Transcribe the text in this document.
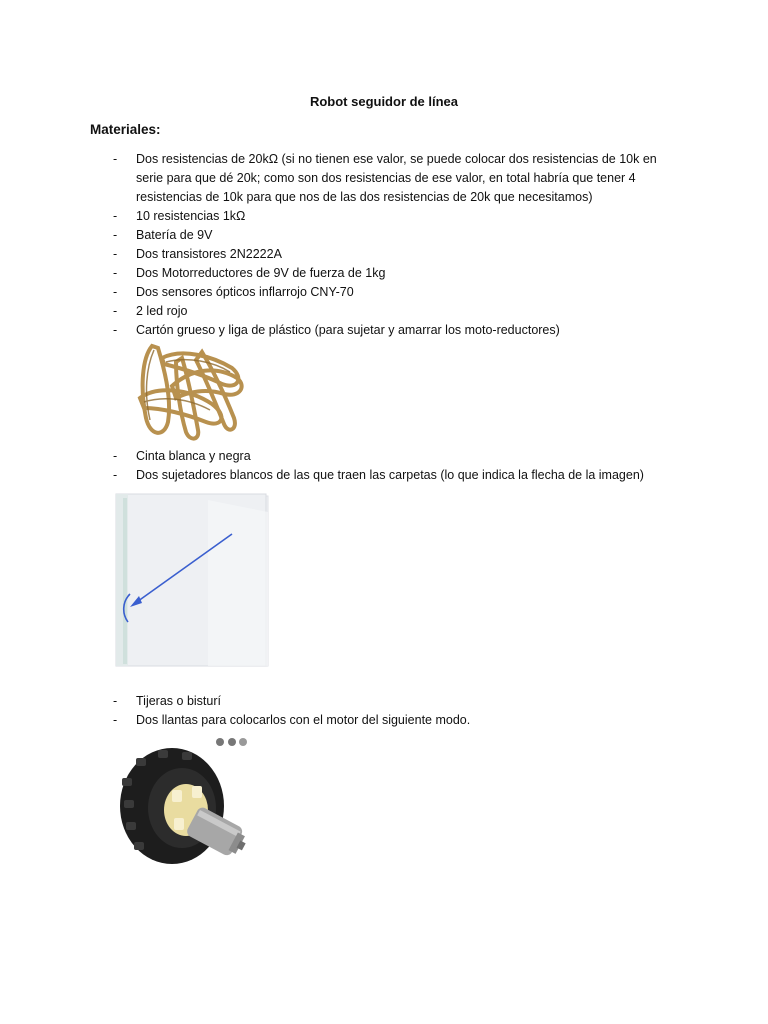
Robot seguidor de línea
Materiales:
- Dos resistencias de 20kΩ (si no tienen ese valor, se puede colocar dos resistencias de 10k en serie para que dé 20k; como son dos resistencias de ese valor, en total habría que tener 4 resistencias de 10k para que nos de las dos resistencias de 20k que necesitamos)
- 10 resistencias 1kΩ
- Batería de 9V
- Dos transistores 2N2222A
- Dos Motorreductores de 9V de fuerza de 1kg
- Dos sensores ópticos inflarrojo CNY-70
- 2 led rojo
- Cartón grueso y liga de plástico (para sujetar y amarrar los moto-reductores)
- Cinta blanca y negra
- Dos sujetadores blancos de las que traen las carpetas (lo que indica la flecha de la imagen)
- Tijeras o bisturí
- Dos llantas para colocarlos con el motor del siguiente modo.
